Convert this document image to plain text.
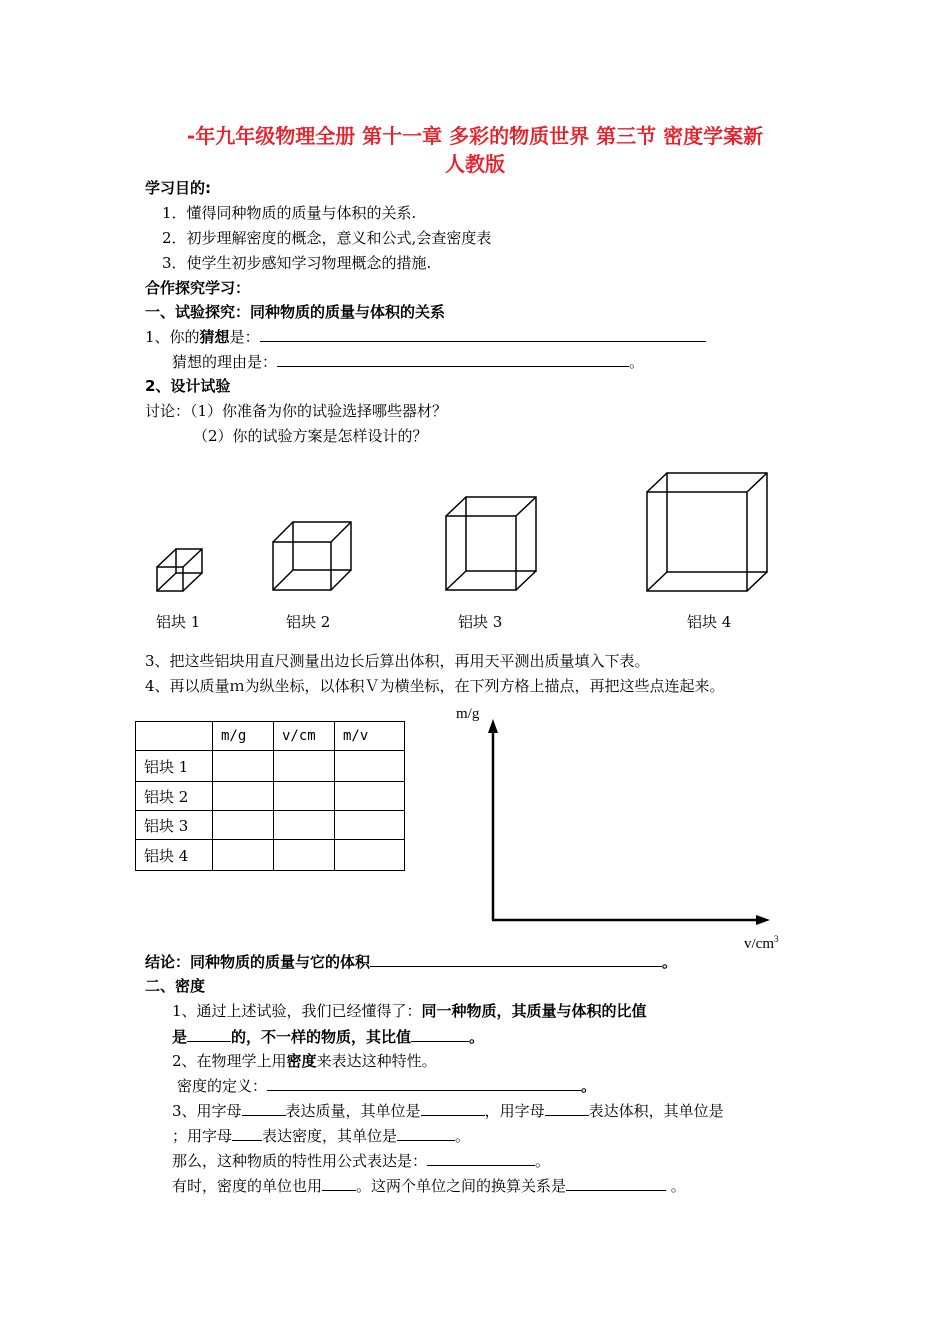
-年九年级物理全册 第十一章 多彩的物质世界 第三节 密度学案新
人教版
学习目的:
1．懂得同种物质的质量与体积的关系.
2．初步理解密度的概念，意义和公式,会查密度表
3．使学生初步感知学习物理概念的措施.
合作探究学习：
一、试验探究：同种物质的质量与体积的关系
1、你的猜想是：
猜想的理由是：	。
2、设计试验
讨论：（1）你准备为你的试验选择哪些器材？
（2）你的试验方案是怎样设计的？
铝块 1	铝块 2	铝块 3	铝块 4
3、把这些铝块用直尺测量出边长后算出体积，再用天平测出质量填入下表。
4、再以质量ｍ为纵坐标，以体积Ｖ为横坐标，在下列方格上描点，再把这些点连起来。
	m/g	v/cm	m/v
铝块 1			
铝块 2			
铝块 3			
铝块 4			
m/g
$v/cm^3$
结论：同种物质的质量与它的体积	。
二、密度
1、通过上述试验，我们已经懂得了：同一种物质，其质量与体积的比值
是	的，不一样的物质，其比值	。
2、在物理学上用密度来表达这种特性。
密度的定义：	。
3、用字母	表达质量，其单位是	，用字母	表达体积，其单位是
；用字母 表达密度，其单位是	。
那么，这种物质的特性用公式表达是：	。
有时，密度的单位也用 。这两个单位之间的换算关系是	。
